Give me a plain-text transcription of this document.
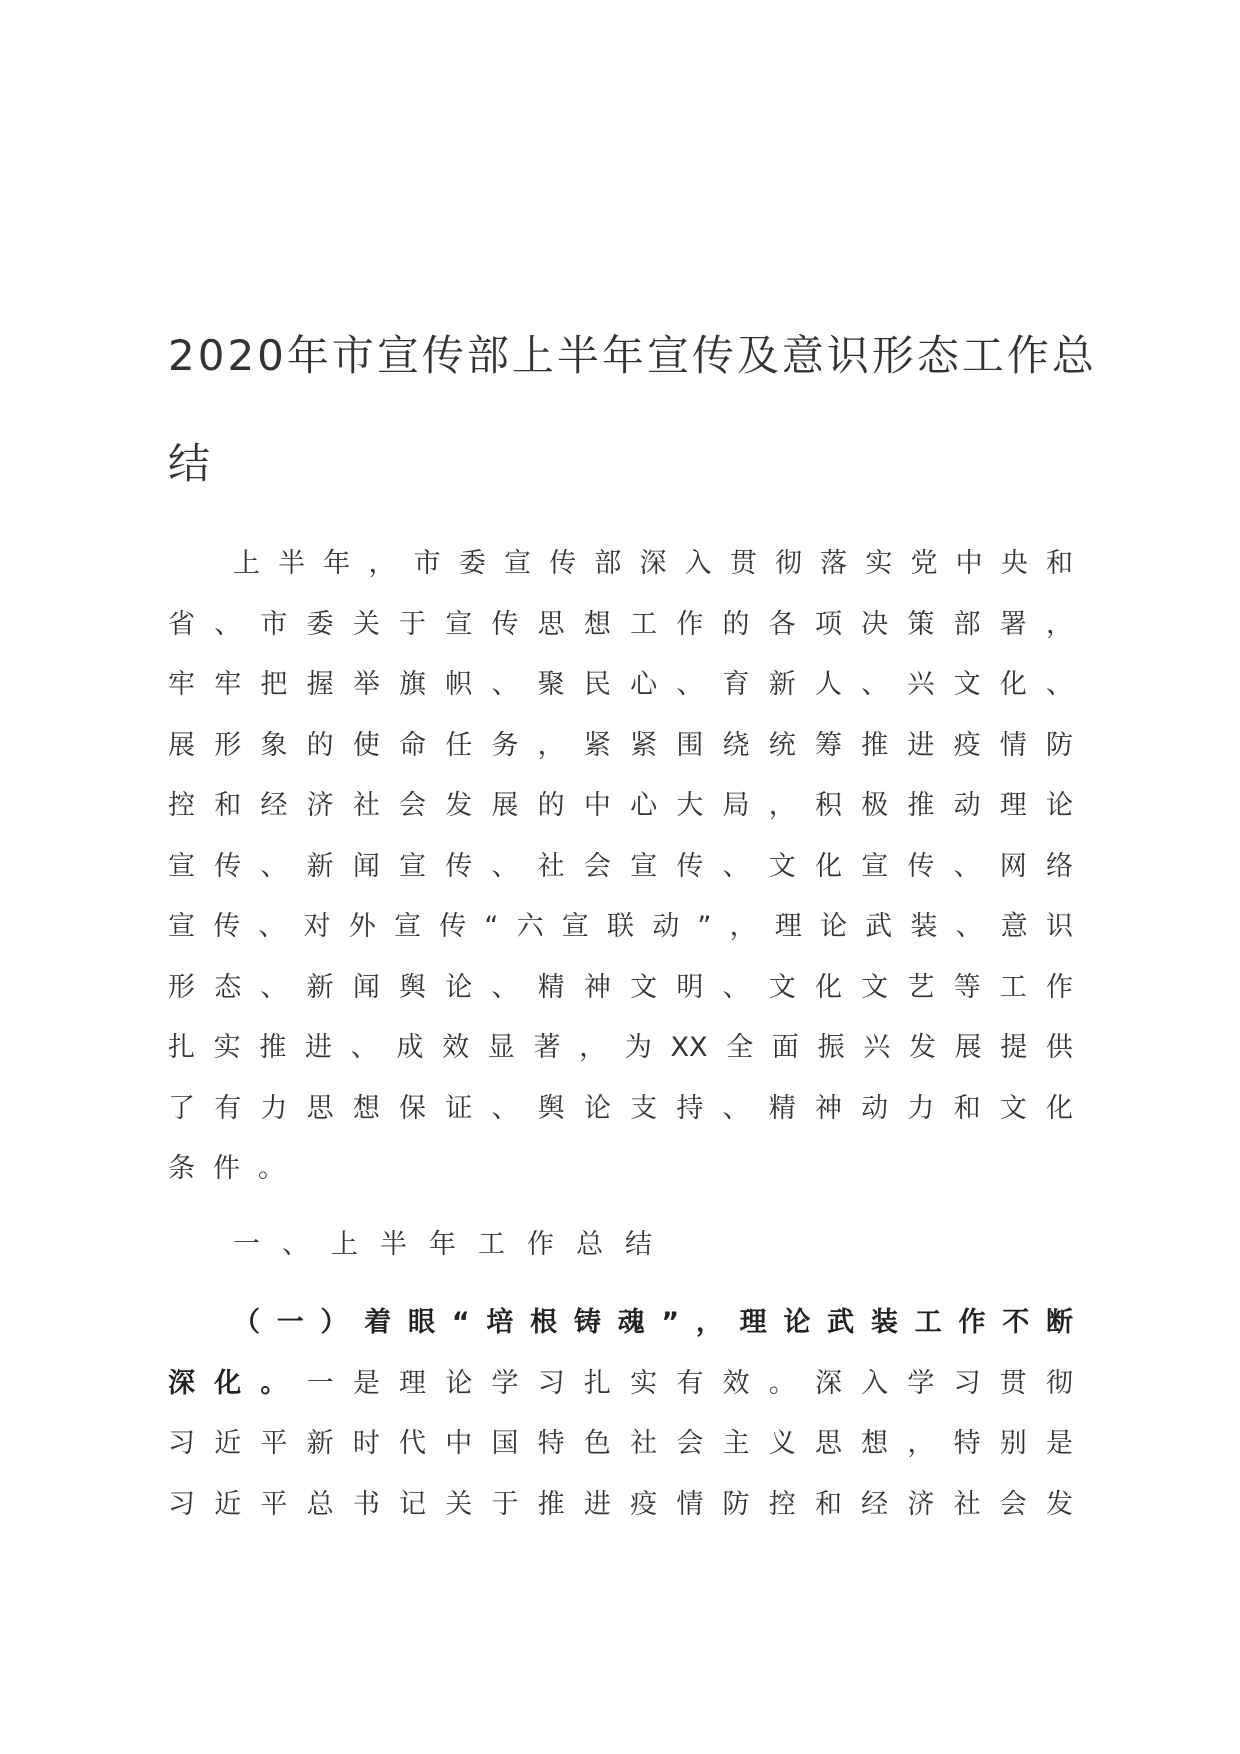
2020年市宣传部上半年宣传及意识形态工作总结
上半年，市委宣传部深入贯彻落实党中央和
省、市委关于宣传思想工作的各项决策部署，
牢牢把握举旗帜、聚民心、育新人、兴文化、
展形象的使命任务，紧紧围绕统筹推进疫情防
控和经济社会发展的中心大局，积极推动理论
宣传、新闻宣传、社会宣传、文化宣传、网络
宣传、对外宣传“六宣联动”，理论武装、意识
形态、新闻舆论、精神文明、文化文艺等工作
扎实推进、成效显著，为XX全面振兴发展提供
了有力思想保证、舆论支持、精神动力和文化
条件。
一、上半年工作总结
（一）着眼“培根铸魂”，理论武装工作不断
深化。一是理论学习扎实有效。深入学习贯彻
习近平新时代中国特色社会主义思想，特别是
习近平总书记关于推进疫情防控和经济社会发
